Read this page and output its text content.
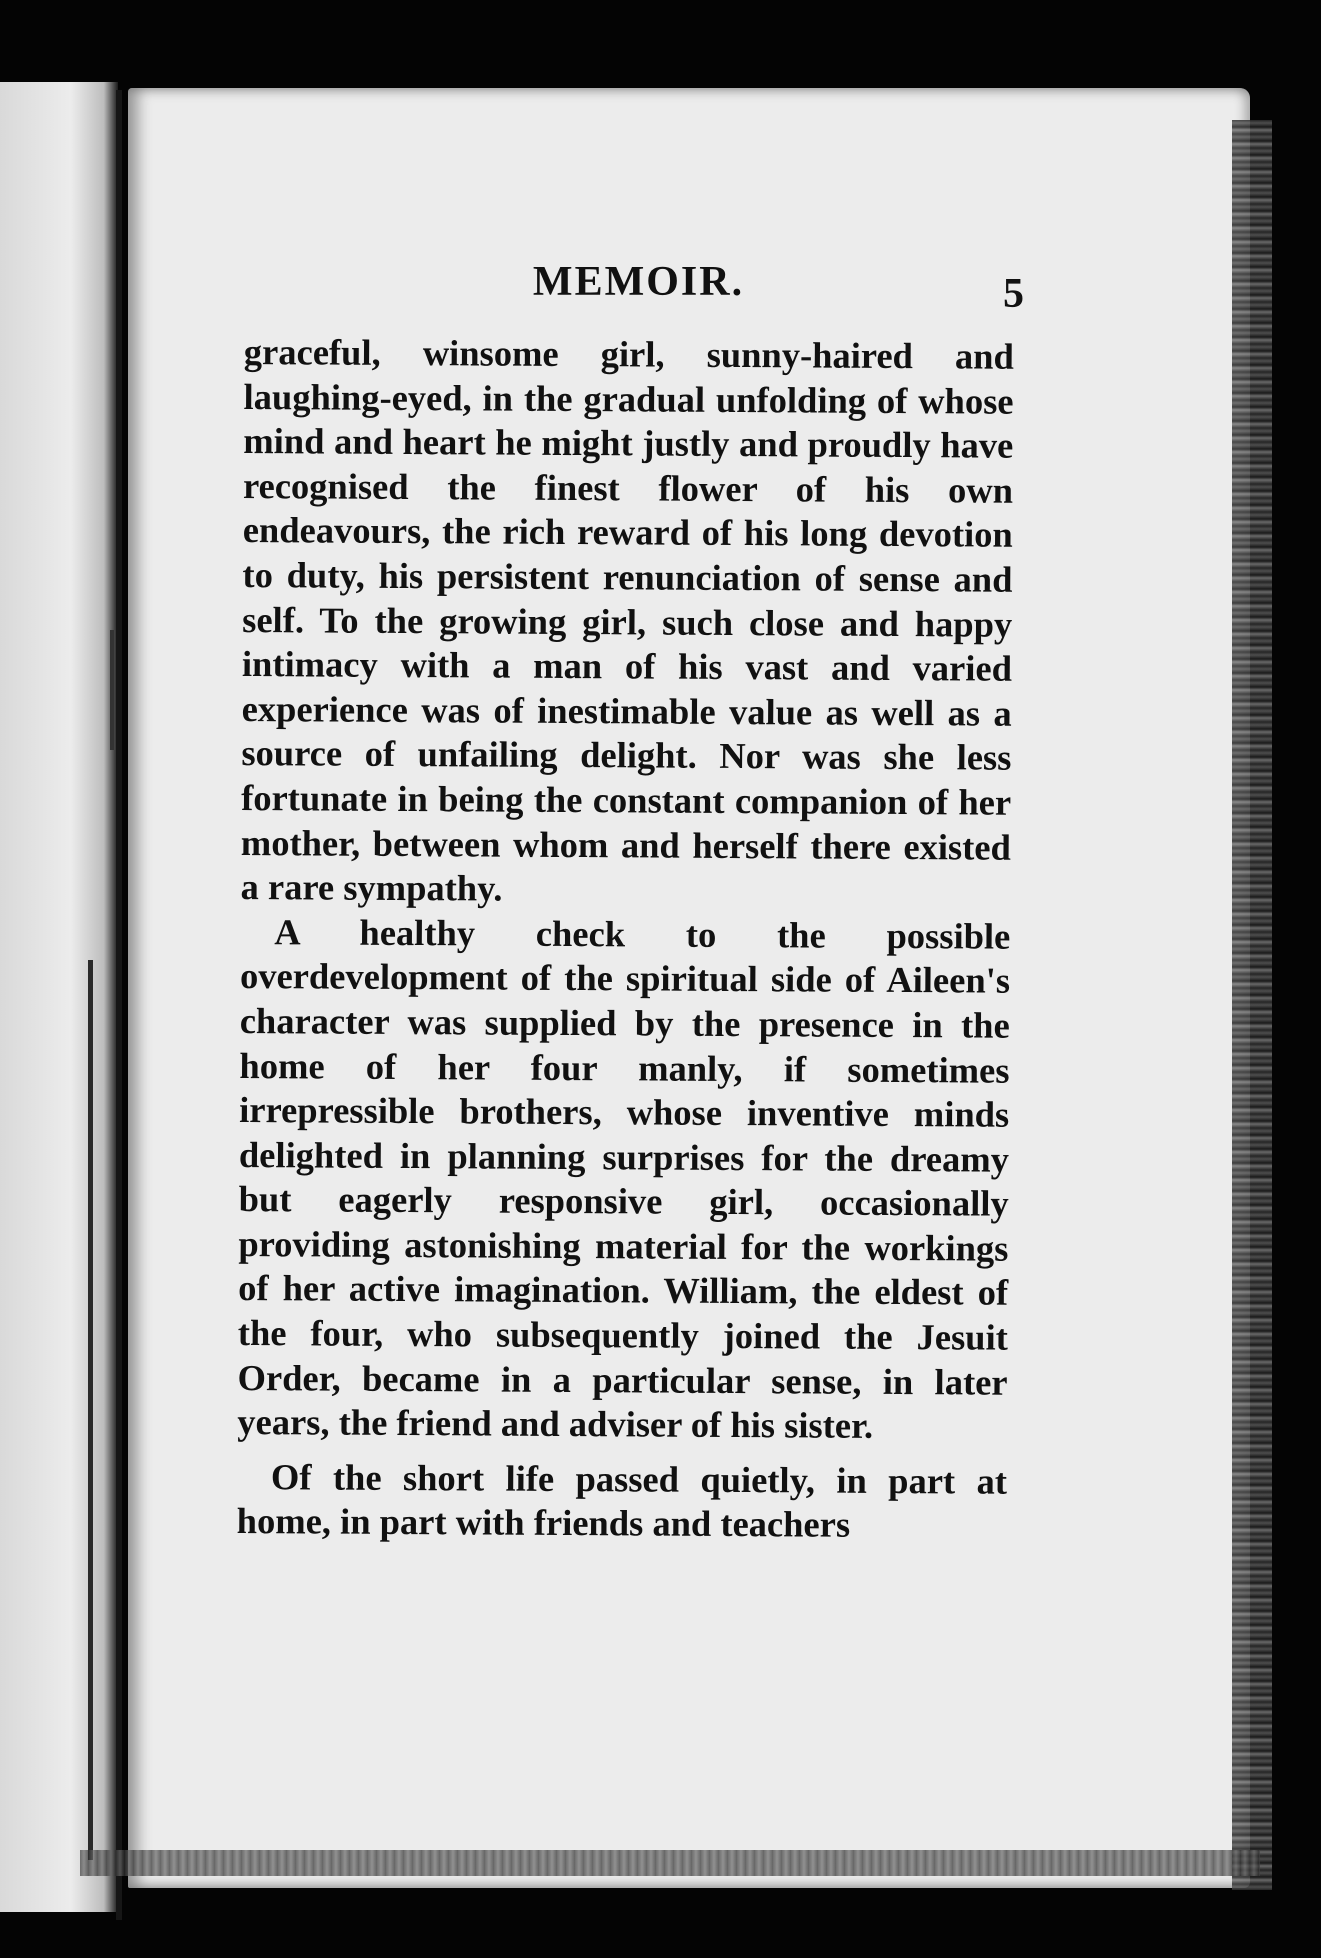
MEMOIR.	5

graceful, winsome girl, sunny-haired and laughing-eyed, in the gradual unfolding of whose mind and heart he might justly and proudly have recognised the finest flower of his own endeavours, the rich reward of his long devotion to duty, his persistent renunciation of sense and self. To the growing girl, such close and happy intimacy with a man of his vast and varied experience was of inestimable value as well as a source of unfailing delight. Nor was she less fortunate in being the constant companion of her mother, between whom and herself there existed a rare sympathy.

A healthy check to the possible overdevelopment of the spiritual side of Aileen's character was supplied by the presence in the home of her four manly, if sometimes irrepressible brothers, whose inventive minds delighted in planning surprises for the dreamy but eagerly responsive girl, occasionally providing astonishing material for the workings of her active imagination. William, the eldest of the four, who subsequently joined the Jesuit Order, became in a particular sense, in later years, the friend and adviser of his sister.

Of the short life passed quietly, in part at home, in part with friends and teachers
